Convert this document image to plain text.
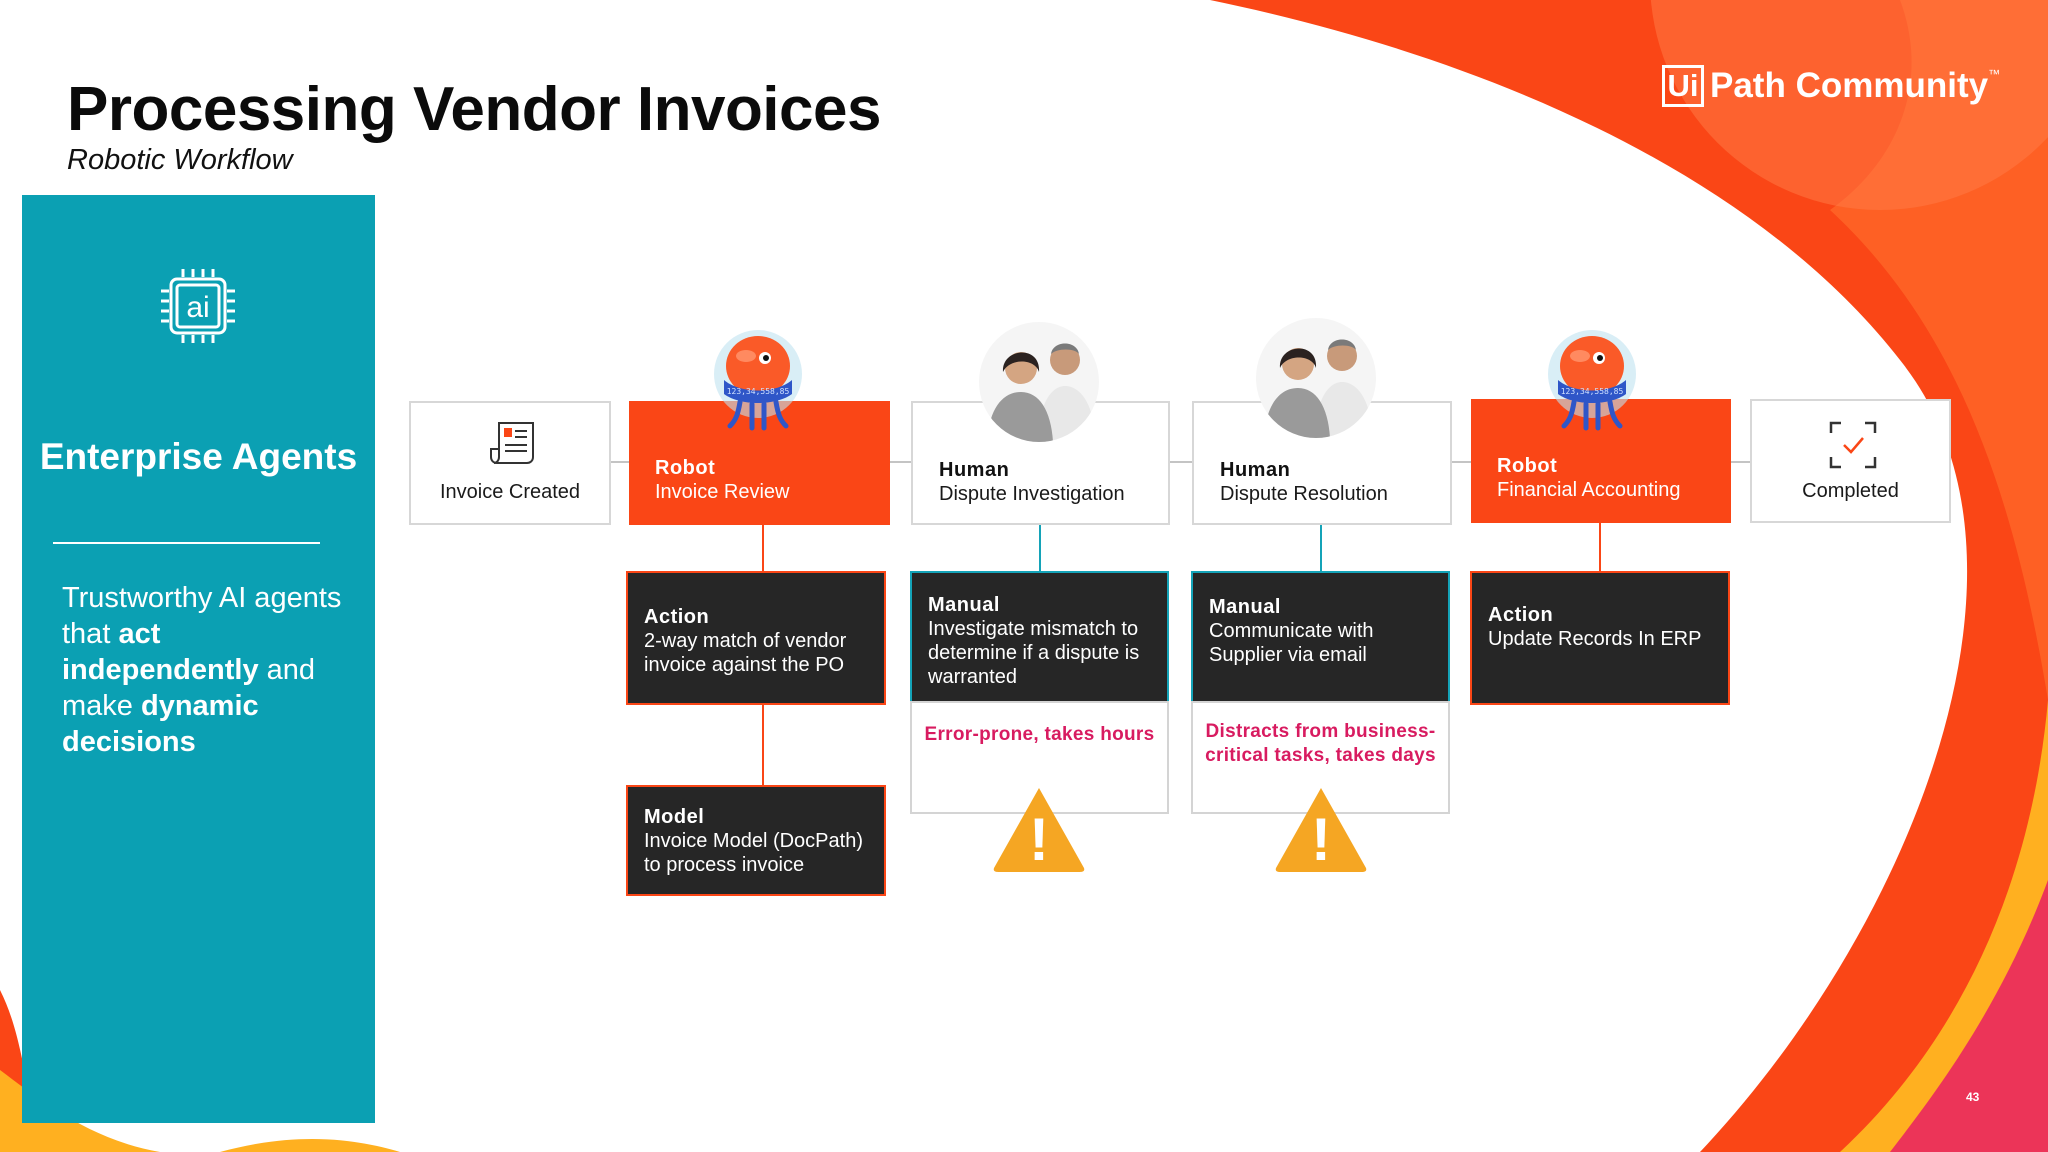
Processing Vendor Invoices
Robotic Workflow
Ui Path Community ™
ai
Enterprise Agents
Trustworthy AI agents that act independently and make dynamic decisions
Invoice Created
Robot
Invoice Review
123,34,558,85
Human
Dispute Investigation
Human
Dispute Resolution
Robot
Financial Accounting
123,34,558,85
Completed
Action
2-way match of vendor
invoice against the PO
Model
Invoice Model (DocPath)
to process invoice
Manual
Investigate mismatch to
determine if a dispute is
warranted
Manual
Communicate with
Supplier via email
Action
Update Records In ERP
Error-prone, takes hours	Distracts from business-
critical tasks, takes days
!	!
43
